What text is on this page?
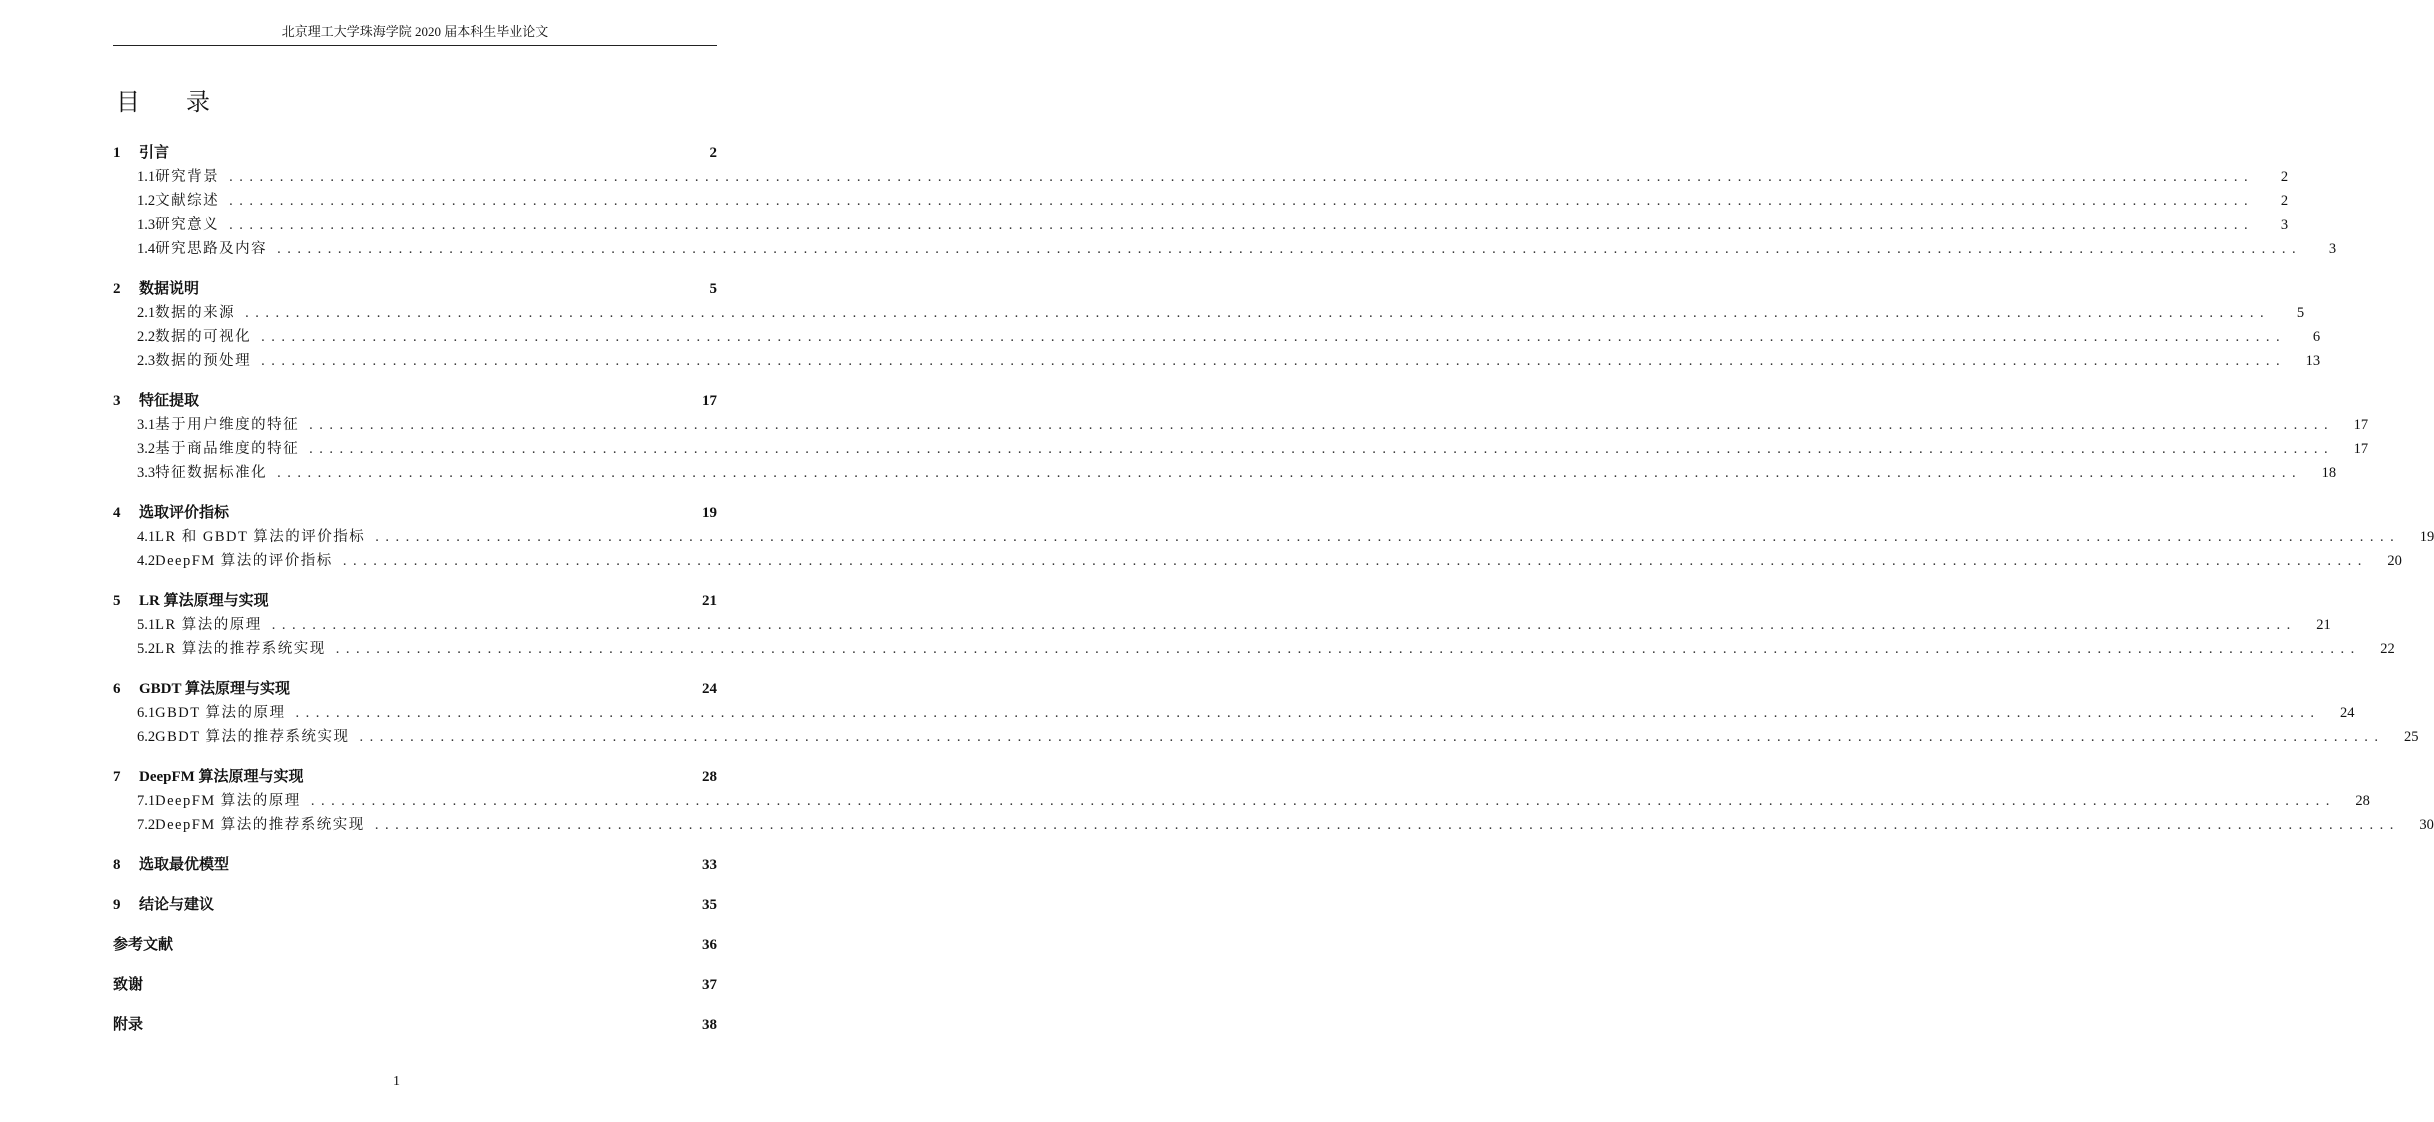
北京理工大学珠海学院 2020 届本科生毕业论文
目 录
1	引言	2
1.1 研究背景 ........................................................................................................................................................................................................	2
1.2 文献综述 ........................................................................................................................................................................................................	2
1.3 研究意义 ........................................................................................................................................................................................................	3
1.4 研究思路及内容 ........................................................................................................................................................................................................	3
2	数据说明	5
2.1 数据的来源 ........................................................................................................................................................................................................	5
2.2 数据的可视化 ........................................................................................................................................................................................................	6
2.3 数据的预处理 ........................................................................................................................................................................................................	13
3	特征提取	17
3.1 基于用户维度的特征 ........................................................................................................................................................................................................	17
3.2 基于商品维度的特征 ........................................................................................................................................................................................................	17
3.3 特征数据标准化 ........................................................................................................................................................................................................	18
4	选取评价指标	19
4.1 LR 和 GBDT 算法的评价指标 ........................................................................................................................................................................................................	19
4.2 DeepFM 算法的评价指标 ........................................................................................................................................................................................................	20
5	LR 算法原理与实现	21
5.1 LR 算法的原理 ........................................................................................................................................................................................................	21
5.2 LR 算法的推荐系统实现 ........................................................................................................................................................................................................	22
6	GBDT 算法原理与实现	24
6.1 GBDT 算法的原理 ........................................................................................................................................................................................................	24
6.2 GBDT 算法的推荐系统实现 ........................................................................................................................................................................................................	25
7	DeepFM 算法原理与实现	28
7.1 DeepFM 算法的原理 ........................................................................................................................................................................................................	28
7.2 DeepFM 算法的推荐系统实现 ........................................................................................................................................................................................................	30
8	选取最优模型	33
9	结论与建议	35
参考文献	36
致谢	37
附录	38
1
